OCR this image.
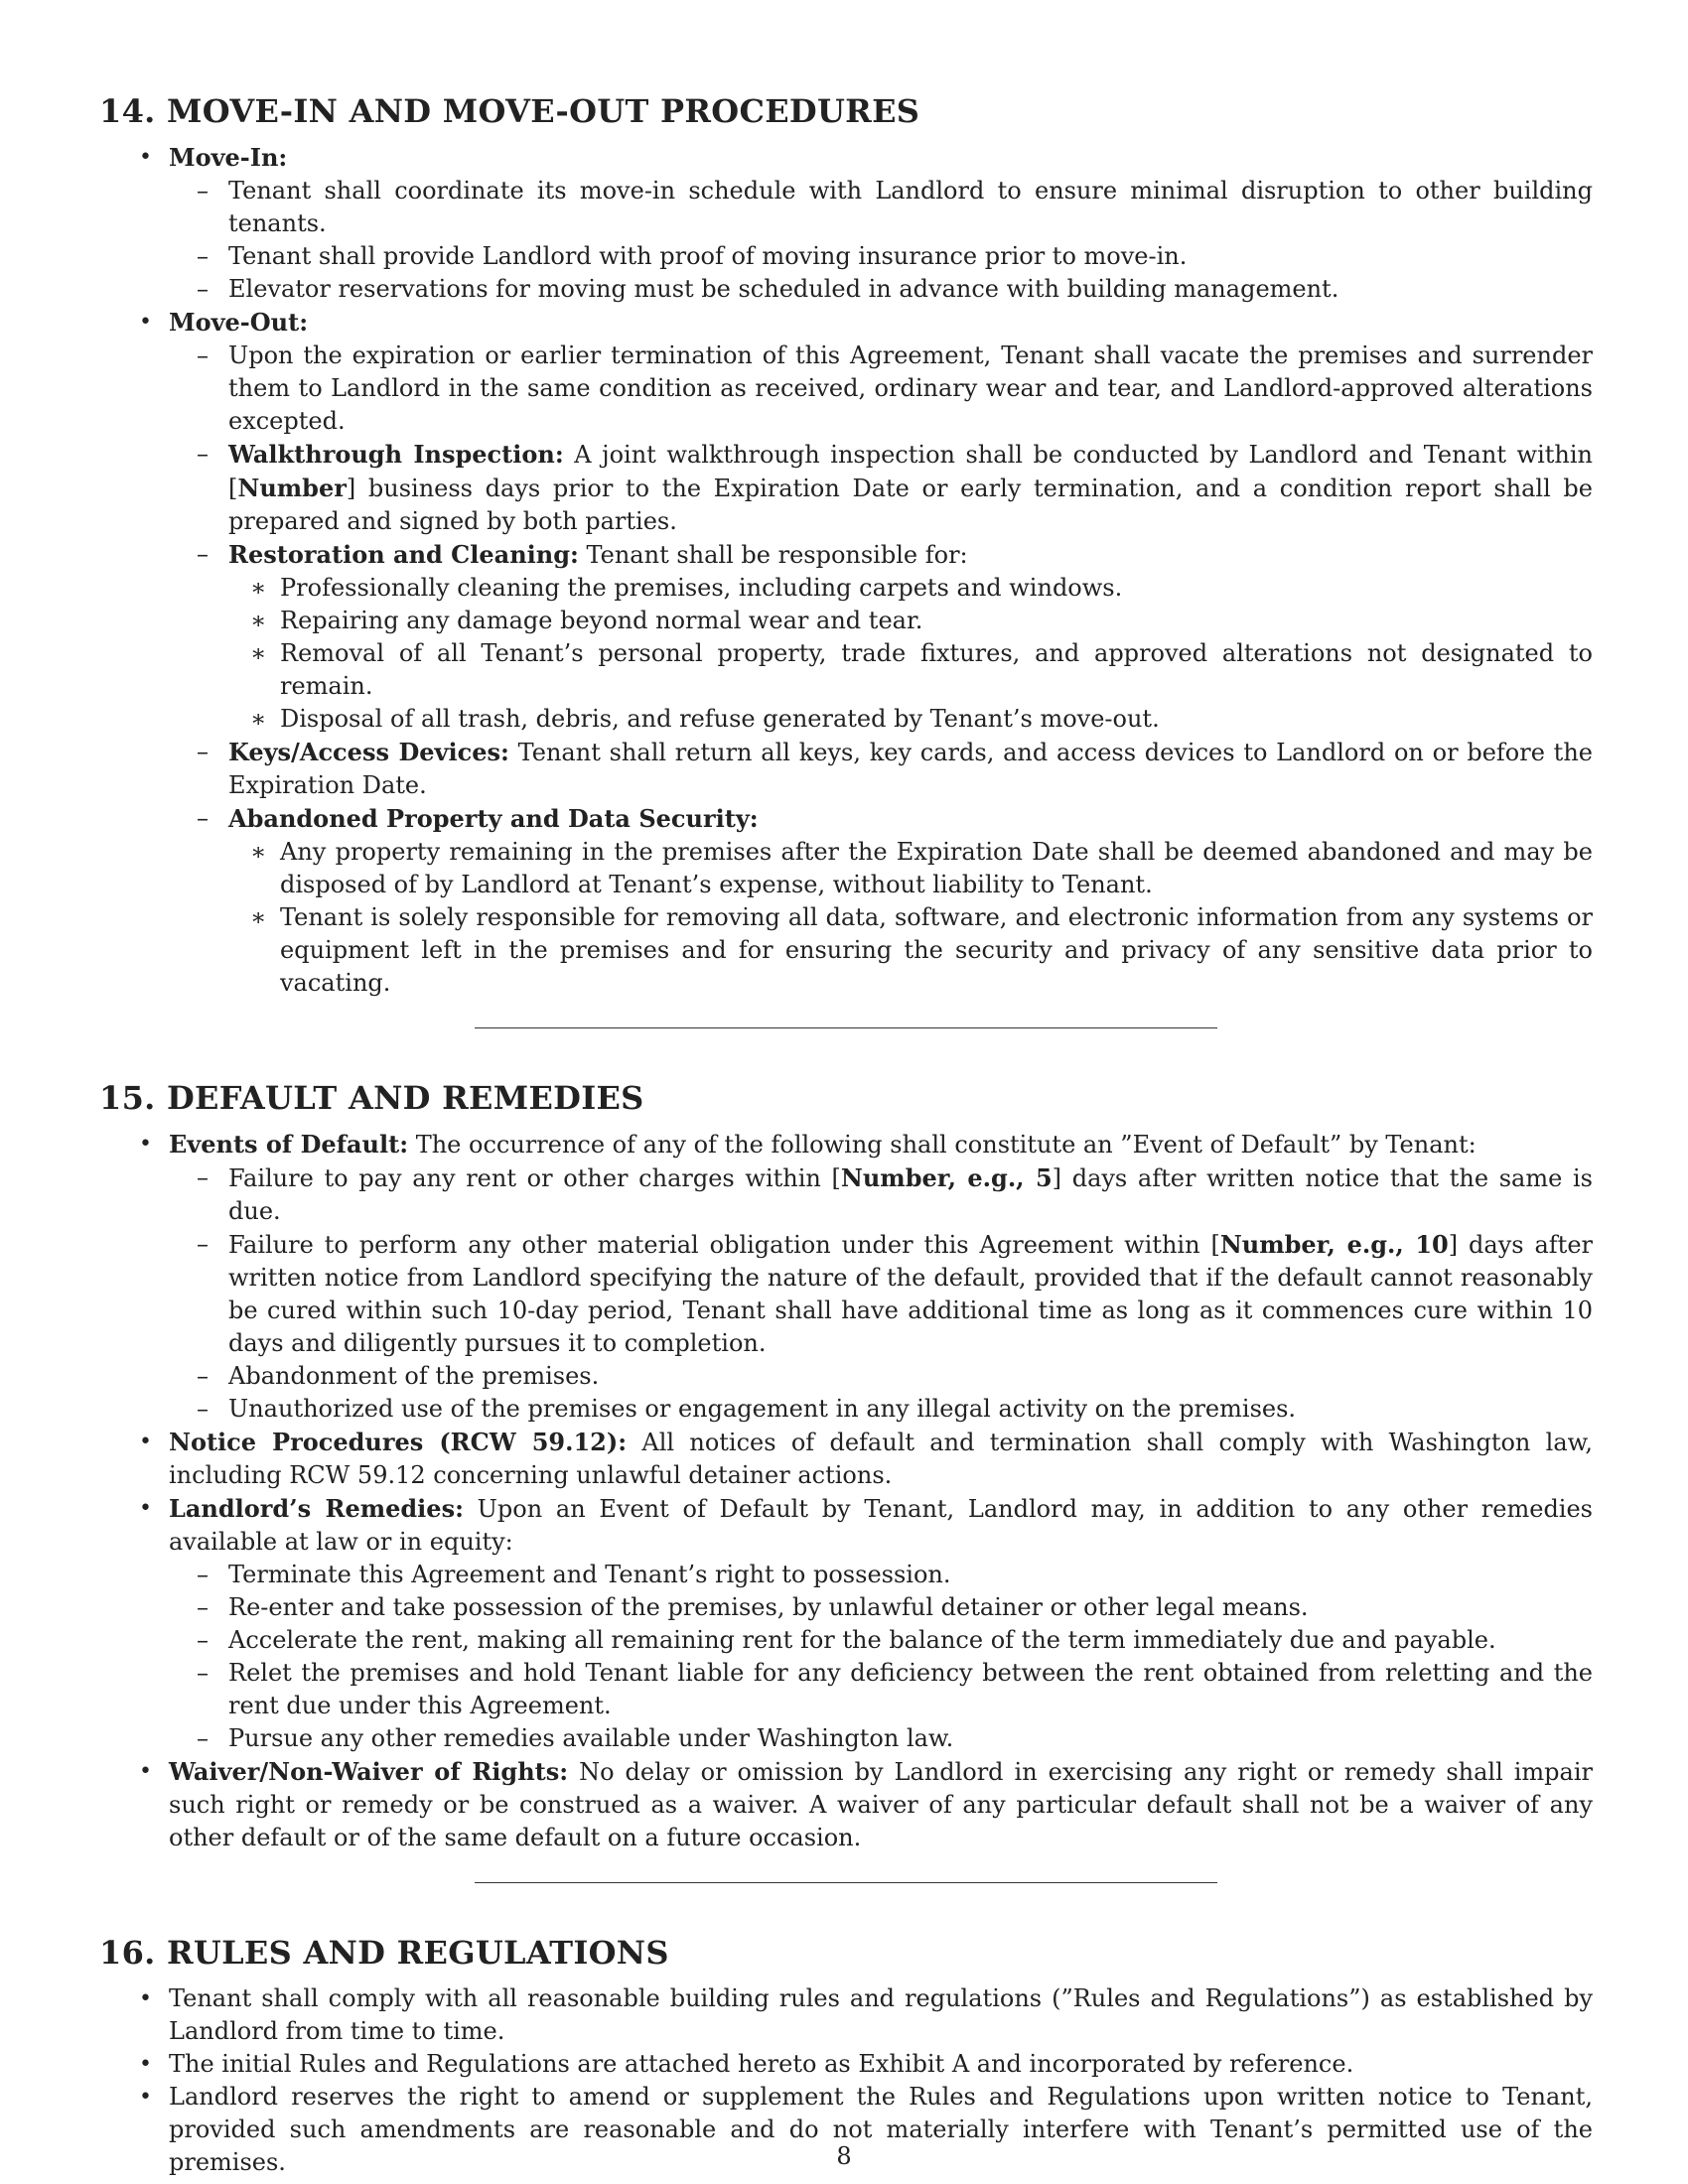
14. MOVE-IN AND MOVE-OUT PROCEDURES
• Move-In:
– Tenant shall coordinate its move-in schedule with Landlord to ensure minimal disruption to other building tenants.
– Tenant shall provide Landlord with proof of moving insurance prior to move-in.
– Elevator reservations for moving must be scheduled in advance with building management.
• Move-Out:
– Upon the expiration or earlier termination of this Agreement, Tenant shall vacate the premises and surrender them to Landlord in the same condition as received, ordinary wear and tear, and Landlord-approved alterations excepted.
– Walkthrough Inspection: A joint walkthrough inspection shall be conducted by Landlord and Tenant within [Number] business days prior to the Expiration Date or early termination, and a condition report shall be prepared and signed by both parties.
– Restoration and Cleaning: Tenant shall be responsible for:
∗ Professionally cleaning the premises, including carpets and windows.
∗ Repairing any damage beyond normal wear and tear.
∗ Removal of all Tenant’s personal property, trade fixtures, and approved alterations not designated to remain.
∗ Disposal of all trash, debris, and refuse generated by Tenant’s move-out.
– Keys/Access Devices: Tenant shall return all keys, key cards, and access devices to Landlord on or before the Expiration Date.
– Abandoned Property and Data Security:
∗ Any property remaining in the premises after the Expiration Date shall be deemed abandoned and may be disposed of by Landlord at Tenant’s expense, without liability to Tenant.
∗ Tenant is solely responsible for removing all data, software, and electronic information from any systems or equipment left in the premises and for ensuring the security and privacy of any sensitive data prior to vacating.
15. DEFAULT AND REMEDIES
• Events of Default: The occurrence of any of the following shall constitute an ”Event of Default” by Tenant:
– Failure to pay any rent or other charges within [Number, e.g., 5] days after written notice that the same is due.
– Failure to perform any other material obligation under this Agreement within [Number, e.g., 10] days after written notice from Landlord specifying the nature of the default, provided that if the default cannot reasonably be cured within such 10-day period, Tenant shall have additional time as long as it commences cure within 10 days and diligently pursues it to completion.
– Abandonment of the premises.
– Unauthorized use of the premises or engagement in any illegal activity on the premises.
• Notice Procedures (RCW 59.12): All notices of default and termination shall comply with Washington law, including RCW 59.12 concerning unlawful detainer actions.
• Landlord’s Remedies: Upon an Event of Default by Tenant, Landlord may, in addition to any other remedies available at law or in equity:
– Terminate this Agreement and Tenant’s right to possession.
– Re-enter and take possession of the premises, by unlawful detainer or other legal means.
– Accelerate the rent, making all remaining rent for the balance of the term immediately due and payable.
– Relet the premises and hold Tenant liable for any deficiency between the rent obtained from reletting and the rent due under this Agreement.
– Pursue any other remedies available under Washington law.
• Waiver/Non-Waiver of Rights: No delay or omission by Landlord in exercising any right or remedy shall impair such right or remedy or be construed as a waiver. A waiver of any particular default shall not be a waiver of any other default or of the same default on a future occasion.
16. RULES AND REGULATIONS
• Tenant shall comply with all reasonable building rules and regulations (”Rules and Regulations”) as established by Landlord from time to time.
• The initial Rules and Regulations are attached hereto as Exhibit A and incorporated by reference.
• Landlord reserves the right to amend or supplement the Rules and Regulations upon written notice to Tenant, provided such amendments are reasonable and do not materially interfere with Tenant’s permitted use of the premises.	8
